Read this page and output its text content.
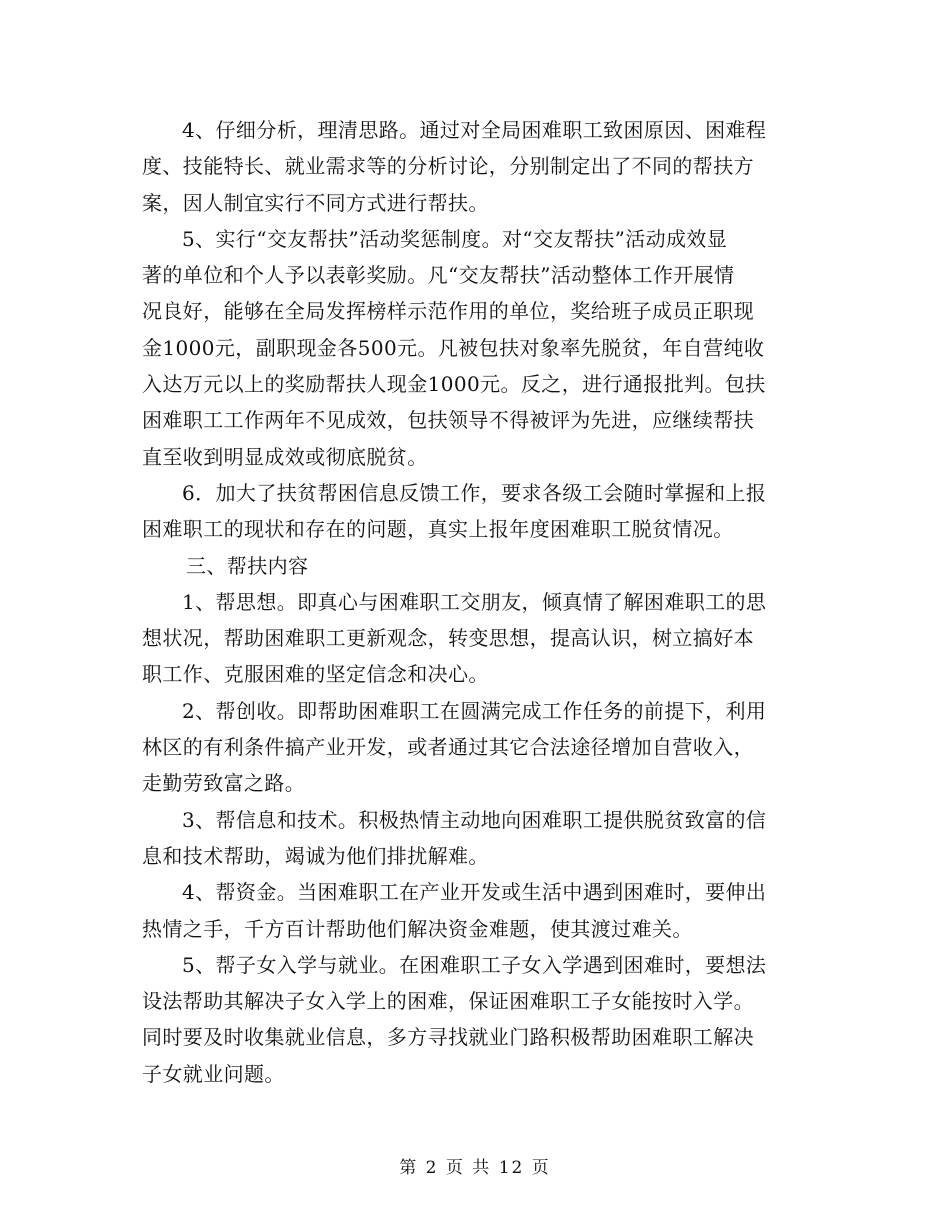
4、仔细分析，理清思路。通过对全局困难职工致困原因、困难程
度、技能特长、就业需求等的分析讨论，分别制定出了不同的帮扶方
案，因人制宜实行不同方式进行帮扶。
5、实行“交友帮扶”活动奖惩制度。对“交友帮扶”活动成效显
著的单位和个人予以表彰奖励。凡“交友帮扶”活动整体工作开展情
况良好，能够在全局发挥榜样示范作用的单位，奖给班子成员正职现
金1000元，副职现金各500元。凡被包扶对象率先脱贫，年自营纯收
入达万元以上的奖励帮扶人现金1000元。反之，进行通报批判。包扶
困难职工工作两年不见成效，包扶领导不得被评为先进，应继续帮扶
直至收到明显成效或彻底脱贫。
6．加大了扶贫帮困信息反馈工作，要求各级工会随时掌握和上报
困难职工的现状和存在的问题，真实上报年度困难职工脱贫情况。
三、帮扶内容
1、帮思想。即真心与困难职工交朋友，倾真情了解困难职工的思
想状况，帮助困难职工更新观念，转变思想，提高认识，树立搞好本
职工作、克服困难的坚定信念和决心。
2、帮创收。即帮助困难职工在圆满完成工作任务的前提下，利用
林区的有利条件搞产业开发，或者通过其它合法途径增加自营收入，
走勤劳致富之路。
3、帮信息和技术。积极热情主动地向困难职工提供脱贫致富的信
息和技术帮助，竭诚为他们排扰解难。
4、帮资金。当困难职工在产业开发或生活中遇到困难时，要伸出
热情之手，千方百计帮助他们解决资金难题，使其渡过难关。
5、帮子女入学与就业。在困难职工子女入学遇到困难时，要想法
设法帮助其解决子女入学上的困难，保证困难职工子女能按时入学。
同时要及时收集就业信息，多方寻找就业门路积极帮助困难职工解决
子女就业问题。
第 2 页 共 12 页
